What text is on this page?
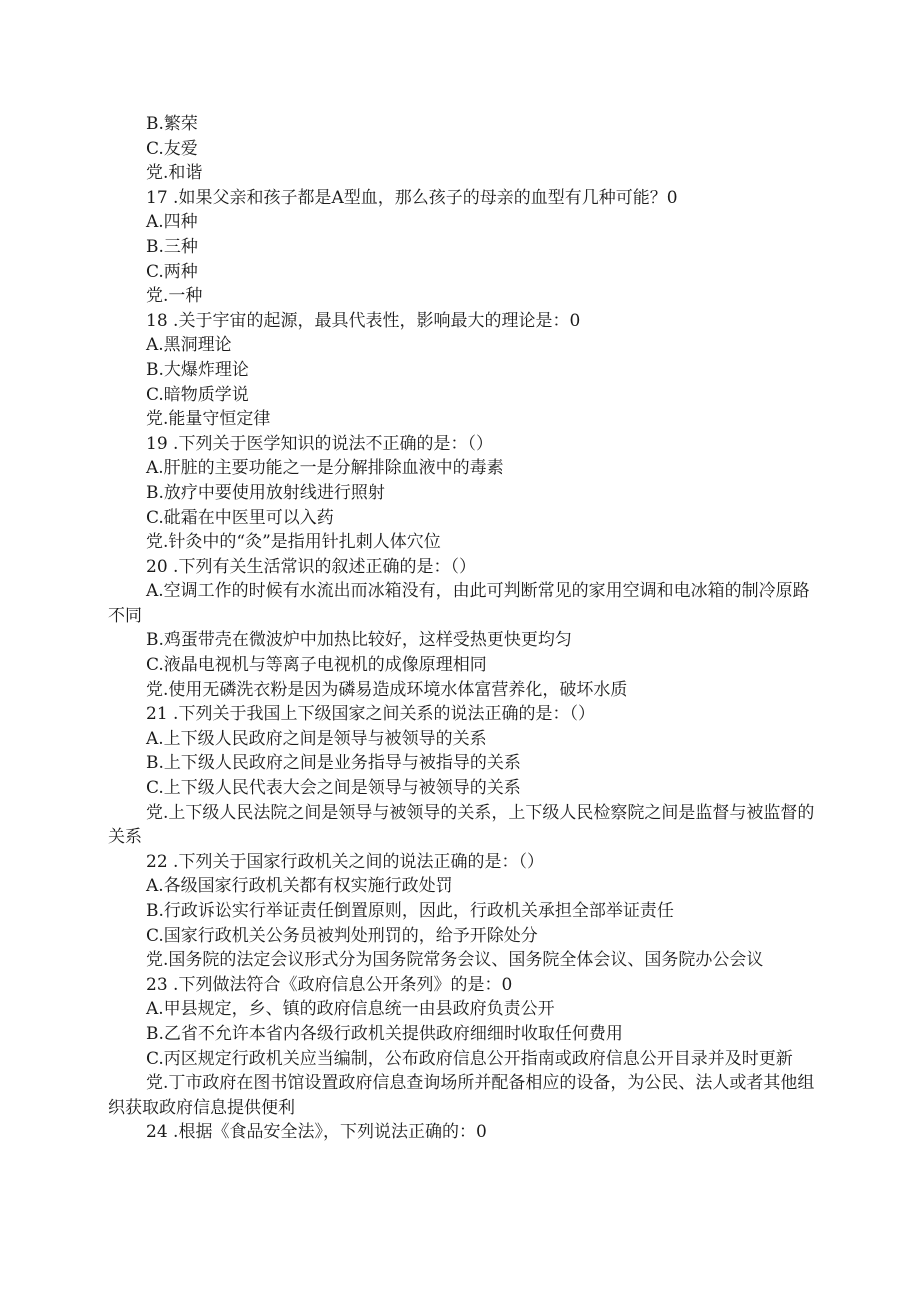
B.繁荣

C.友爱

党.和谐

17 .如果父亲和孩子都是A型血，那么孩子的母亲的血型有几种可能？0

A.四种

B.三种

C.两种

党.一种

18 .关于宇宙的起源，最具代表性，影响最大的理论是：0

A.黑洞理论

B.大爆炸理论

C.暗物质学说

党.能量守恒定律

19 .下列关于医学知识的说法不正确的是：（）

A.肝脏的主要功能之一是分解排除血液中的毒素

B.放疗中要使用放射线进行照射

C.砒霜在中医里可以入药

党.针灸中的“灸”是指用针扎刺人体穴位

20 .下列有关生活常识的叙述正确的是：（）

A.空调工作的时候有水流出而冰箱没有，由此可判断常见的家用空调和电冰箱的制冷原路不同

B.鸡蛋带壳在微波炉中加热比较好，这样受热更快更均匀

C.液晶电视机与等离子电视机的成像原理相同

党.使用无磷洗衣粉是因为磷易造成环境水体富营养化，破坏水质

21 .下列关于我国上下级国家之间关系的说法正确的是：（）

A.上下级人民政府之间是领导与被领导的关系

B.上下级人民政府之间是业务指导与被指导的关系

C.上下级人民代表大会之间是领导与被领导的关系

党.上下级人民法院之间是领导与被领导的关系，上下级人民检察院之间是监督与被监督的关系

22 .下列关于国家行政机关之间的说法正确的是：（）

A.各级国家行政机关都有权实施行政处罚

B.行政诉讼实行举证责任倒置原则，因此，行政机关承担全部举证责任

C.国家行政机关公务员被判处刑罚的，给予开除处分

党.国务院的法定会议形式分为国务院常务会议、国务院全体会议、国务院办公会议

23 .下列做法符合《政府信息公开条列》的是：0

A.甲县规定，乡、镇的政府信息统一由县政府负责公开

B.乙省不允许本省内各级行政机关提供政府细细时收取任何费用

C.丙区规定行政机关应当编制，公布政府信息公开指南或政府信息公开目录并及时更新

党.丁市政府在图书馆设置政府信息查询场所并配备相应的设备，为公民、法人或者其他组织获取政府信息提供便利

24 .根据《食品安全法》，下列说法正确的：0
